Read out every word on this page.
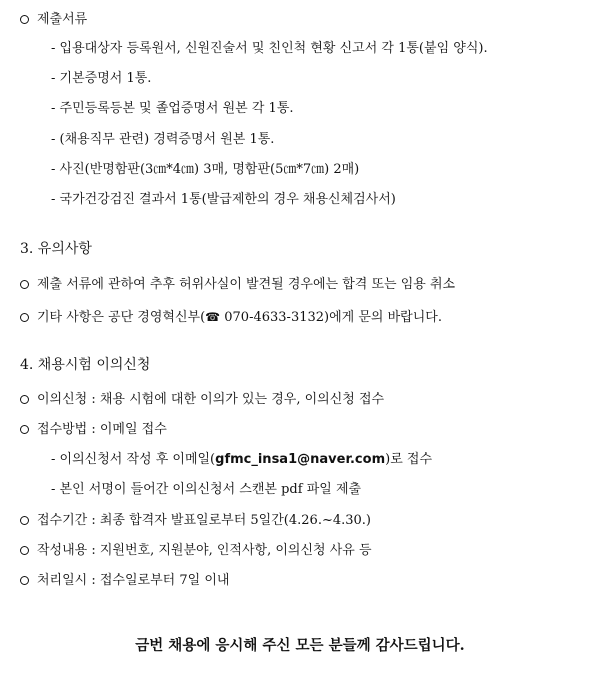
제출서류
- 입용대상자 등록원서, 신원진술서 및 친인척 현황 신고서 각 1통(붙임 양식).
- 기본증명서 1통.
- 주민등록등본 및 졸업증명서 원본 각 1통.
- (채용직무 관련) 경력증명서 원본 1통.
- 사진(반명함판(3㎝*4㎝) 3매, 명함판(5㎝*7㎝) 2매)
- 국가건강검진 결과서 1통(발급제한의 경우 채용신체검사서)
3. 유의사항
제출 서류에 관하여 추후 허위사실이 발견될 경우에는 합격 또는 임용 취소
기타 사항은 공단 경영혁신부(☎ 070-4633-3132)에게 문의 바랍니다.
4. 채용시험 이의신청
이의신청 : 채용 시험에 대한 이의가 있는 경우, 이의신청 접수
접수방법 : 이메일 접수
- 이의신청서 작성 후 이메일(gfmc_insa1@naver.com)로 접수
- 본인 서명이 들어간 이의신청서 스캔본 pdf 파일 제출
접수기간 : 최종 합격자 발표일로부터 5일간(4.26.~4.30.)
작성내용 : 지원번호, 지원분야, 인적사항, 이의신청 사유 등
처리일시 : 접수일로부터 7일 이내
금번 채용에 응시해 주신 모든 분들께 감사드립니다.
